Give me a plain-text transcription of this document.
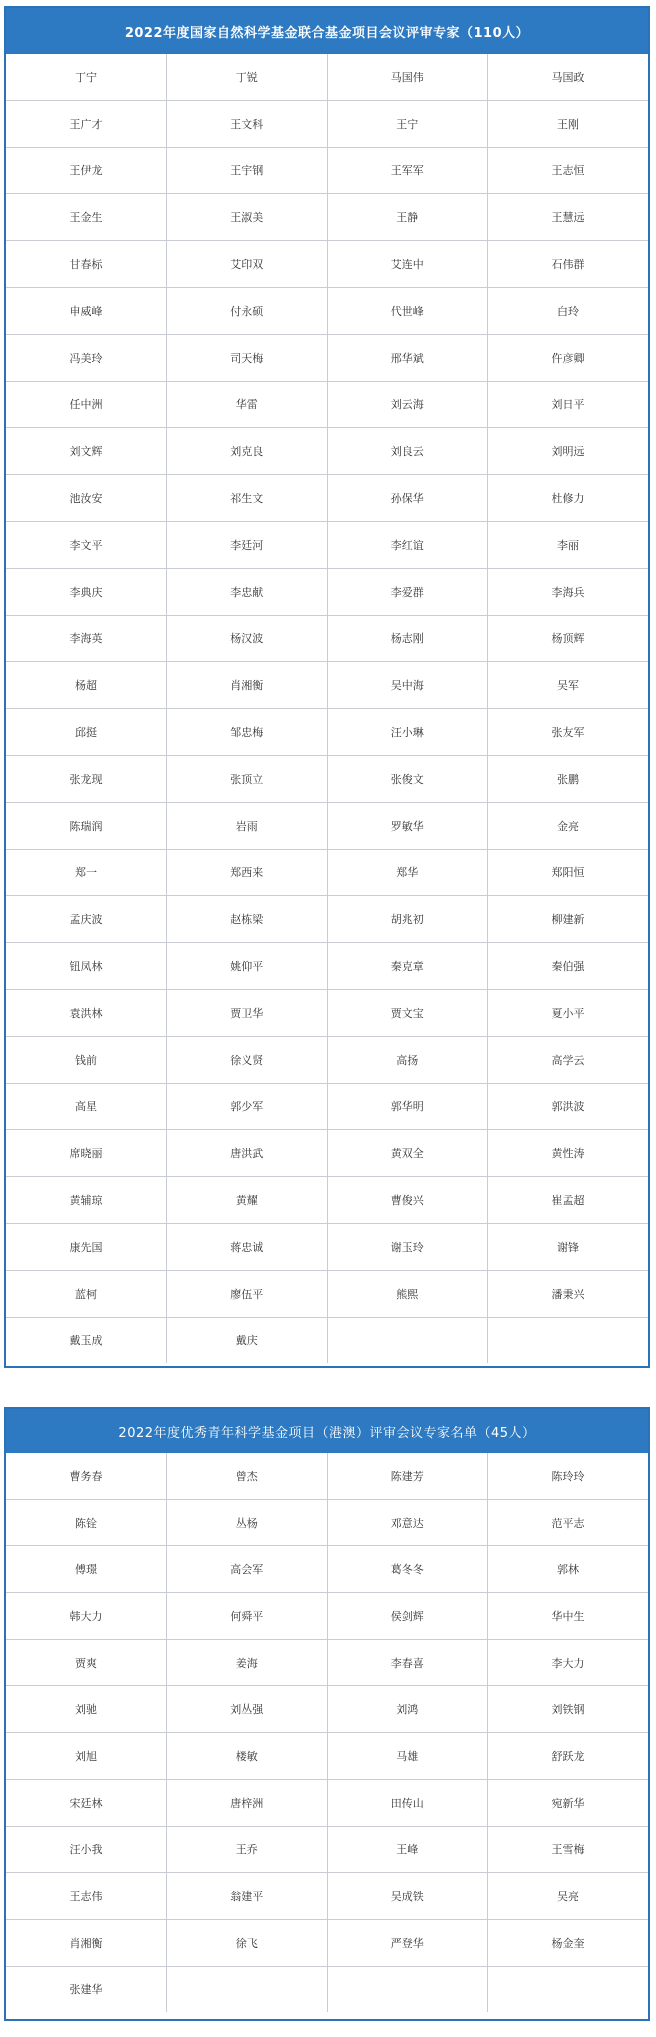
2022年度国家自然科学基金联合基金项目会议评审专家（110人）
丁宁	丁锐	马国伟	马国政
王广才	王文科	王宁	王刚
王伊龙	王宇钢	王军军	王志恒
王金生	王淑美	王静	王慧远
甘春标	艾印双	艾连中	石伟群
申威峰	付永硕	代世峰	白玲
冯美玲	司天梅	邢华斌	仵彦卿
任中洲	华雷	刘云海	刘日平
刘文辉	刘克良	刘良云	刘明远
池汝安	祁生文	孙保华	杜修力
李文平	李廷河	李红谊	李丽
李典庆	李忠献	李爱群	李海兵
李海英	杨汉波	杨志刚	杨顶辉
杨超	肖湘衡	吴中海	吴军
邱挺	邹忠梅	汪小琳	张友军
张龙现	张顶立	张俊文	张鹏
陈瑞润	岩雨	罗敏华	金亮
郑一	郑西来	郑华	郑阳恒
孟庆波	赵栋梁	胡兆初	柳建新
钮凤林	姚仰平	秦克章	秦伯强
袁洪林	贾卫华	贾文宝	夏小平
钱前	徐义贤	高扬	高学云
高星	郭少军	郭华明	郭洪波
席晓丽	唐洪武	黄双全	黄性涛
黄辅琼	黄耀	曹俊兴	崔孟超
康先国	蒋忠诚	谢玉玲	谢锋
蓝柯	廖伍平	熊熙	潘秉兴
戴玉成	戴庆		
2022年度优秀青年科学基金项目（港澳）评审会议专家名单（45人）
曹务春	曾杰	陈建芳	陈玲玲
陈铨	丛杨	邓意达	范平志
傅璟	高会军	葛冬冬	郭林
韩大力	何舜平	侯剑辉	华中生
贾爽	姜海	李春喜	李大力
刘驰	刘丛强	刘鸿	刘铁钢
刘旭	楼敏	马雄	舒跃龙
宋廷林	唐梓洲	田传山	宛新华
汪小我	王乔	王峰	王雪梅
王志伟	翁建平	吴成铁	吴亮
肖湘衡	徐飞	严登华	杨金奎
张建华			
